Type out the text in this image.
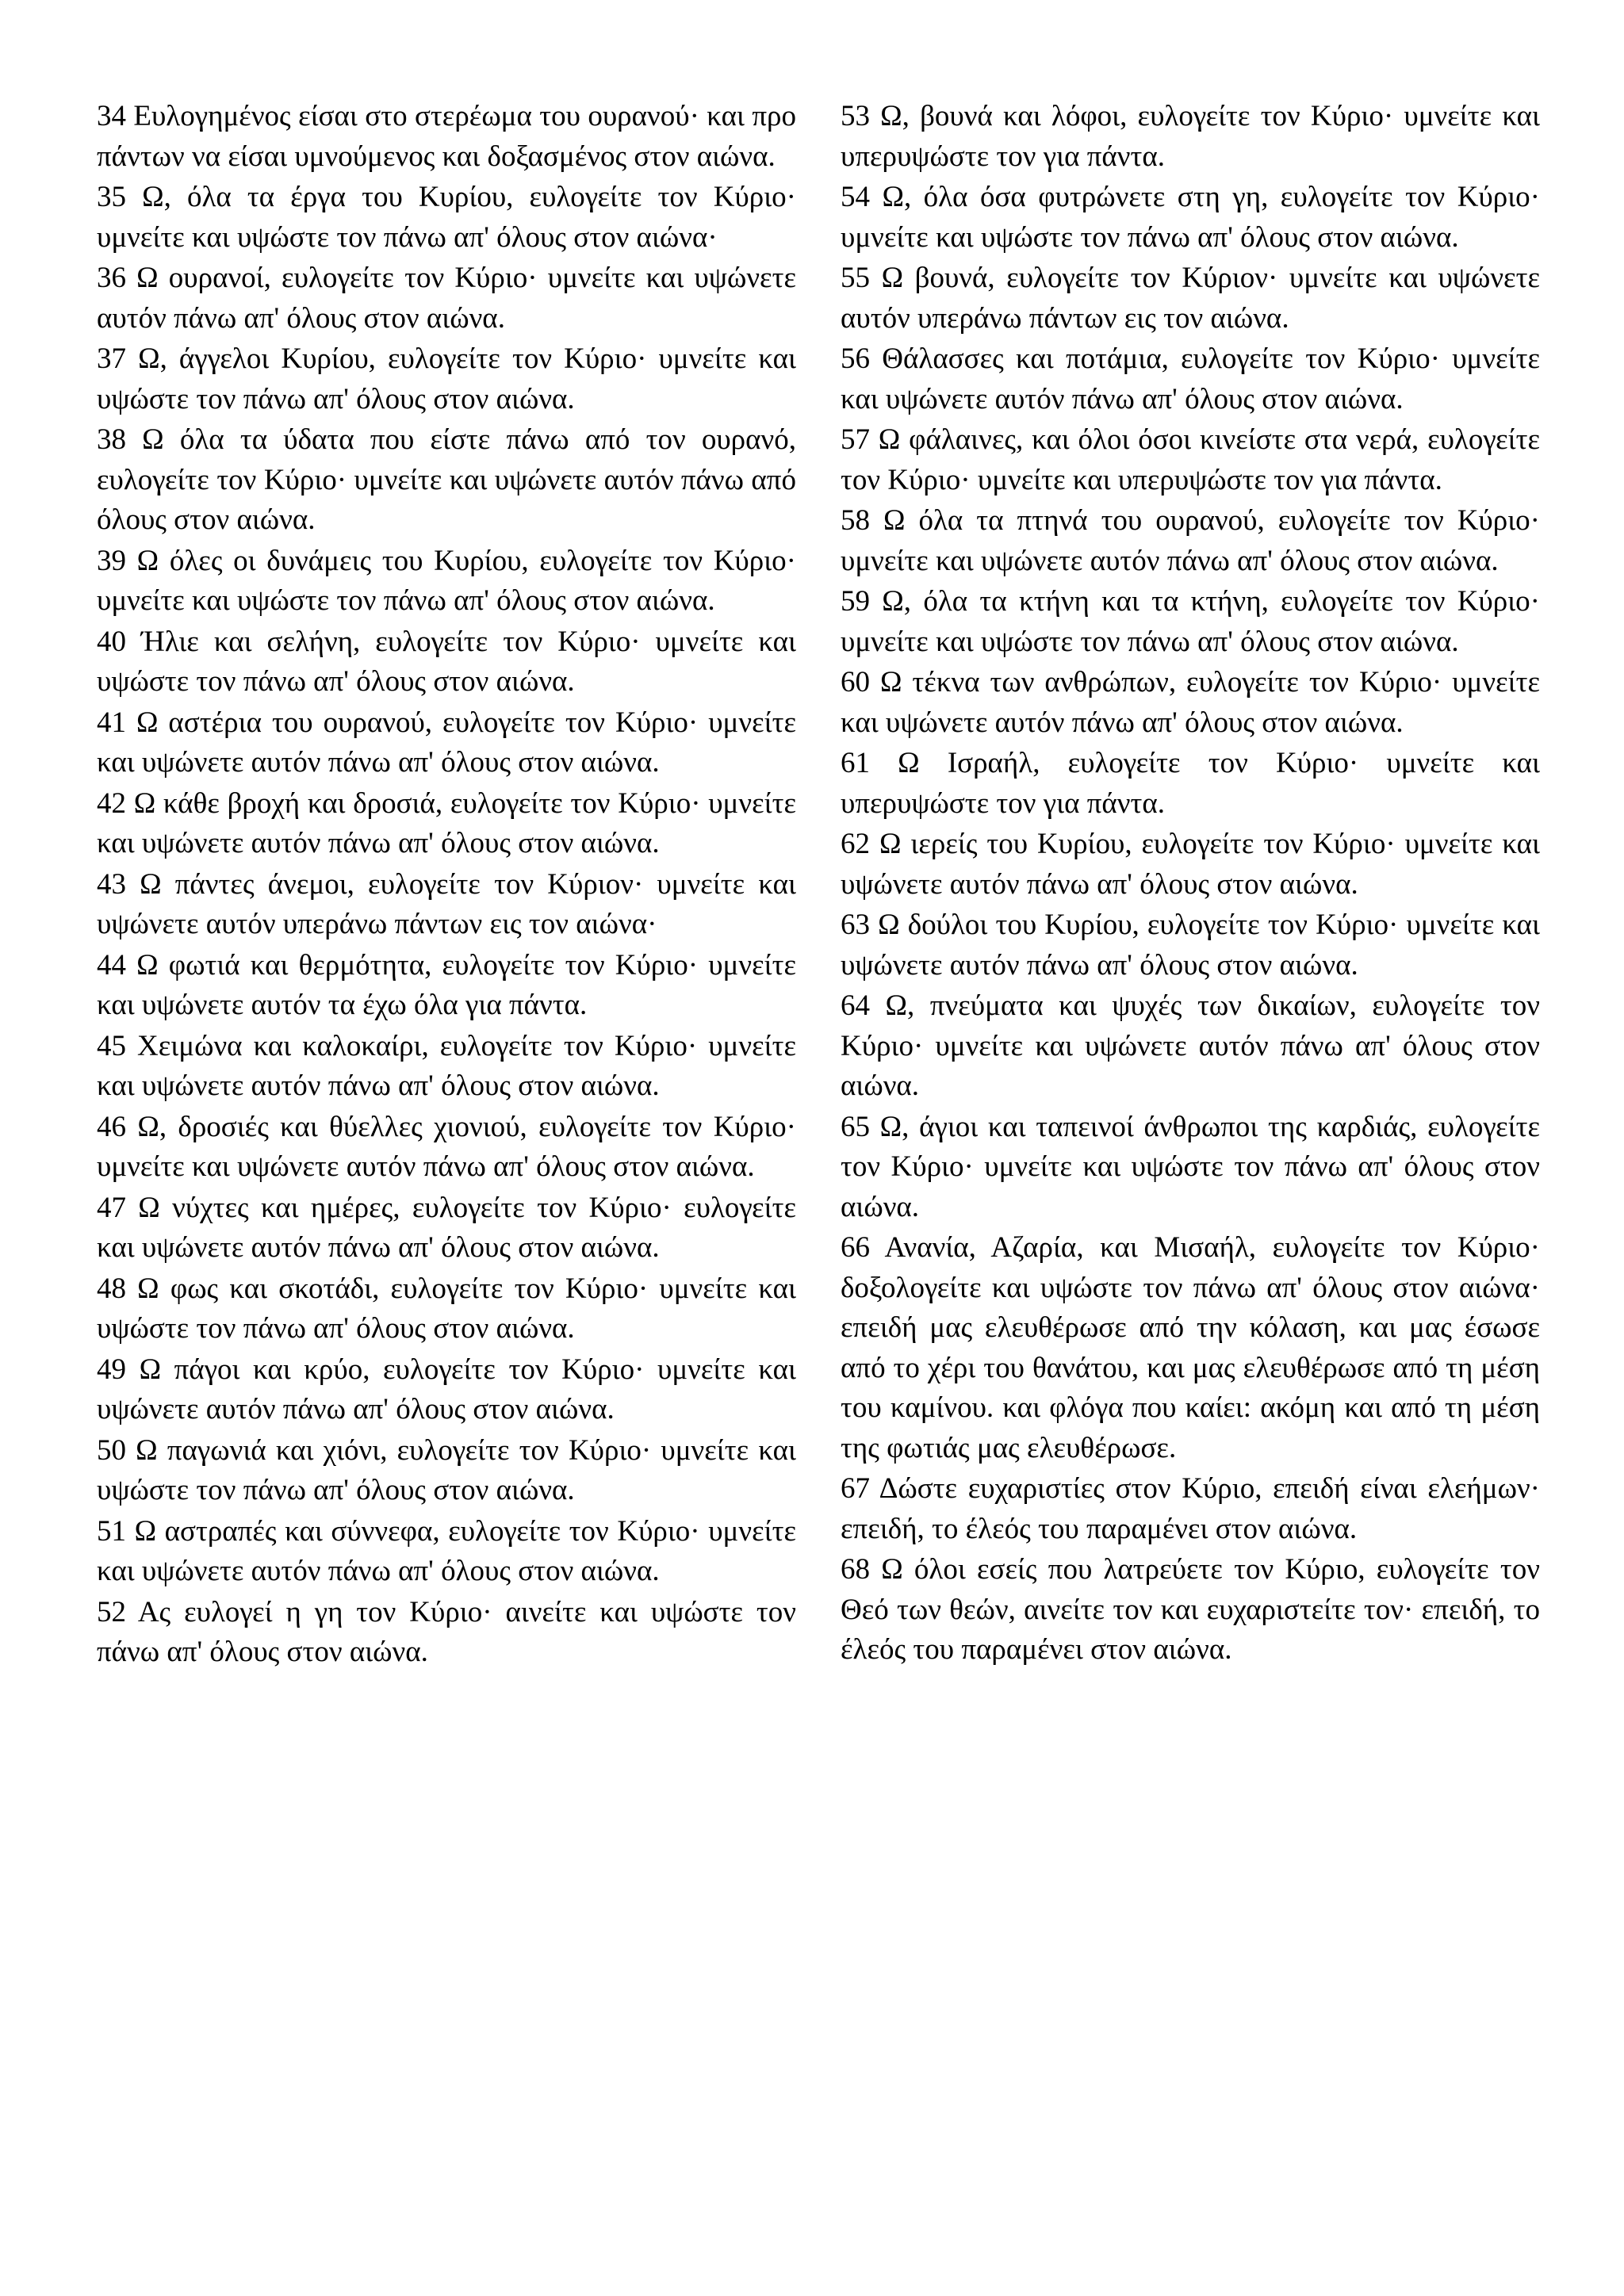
34 Ευλογημένος είσαι στο στερέωμα του ουρανού· και προ πάντων να είσαι υμνούμενος και δοξασμένος στον αιώνα.

35 Ω, όλα τα έργα του Κυρίου, ευλογείτε τον Κύριο· υμνείτε και υψώστε τον πάνω απ' όλους στον αιώνα·

36 Ω ουρανοί, ευλογείτε τον Κύριο· υμνείτε και υψώνετε αυτόν πάνω απ' όλους στον αιώνα.

37 Ω, άγγελοι Κυρίου, ευλογείτε τον Κύριο· υμνείτε και υψώστε τον πάνω απ' όλους στον αιώνα.

38 Ω όλα τα ύδατα που είστε πάνω από τον ουρανό, ευλογείτε τον Κύριο· υμνείτε και υψώνετε αυτόν πάνω από όλους στον αιώνα.

39 Ω όλες οι δυνάμεις του Κυρίου, ευλογείτε τον Κύριο· υμνείτε και υψώστε τον πάνω απ' όλους στον αιώνα.

40 Ήλιε και σελήνη, ευλογείτε τον Κύριο· υμνείτε και υψώστε τον πάνω απ' όλους στον αιώνα.

41 Ω αστέρια του ουρανού, ευλογείτε τον Κύριο· υμνείτε και υψώνετε αυτόν πάνω απ' όλους στον αιώνα.

42 Ω κάθε βροχή και δροσιά, ευλογείτε τον Κύριο· υμνείτε και υψώνετε αυτόν πάνω απ' όλους στον αιώνα.

43 Ω πάντες άνεμοι, ευλογείτε τον Κύριον· υμνείτε και υψώνετε αυτόν υπεράνω πάντων εις τον αιώνα·

44 Ω φωτιά και θερμότητα, ευλογείτε τον Κύριο· υμνείτε και υψώνετε αυτόν τα έχω όλα για πάντα.

45 Χειμώνα και καλοκαίρι, ευλογείτε τον Κύριο· υμνείτε και υψώνετε αυτόν πάνω απ' όλους στον αιώνα.

46 Ω, δροσιές και θύελλες χιονιού, ευλογείτε τον Κύριο· υμνείτε και υψώνετε αυτόν πάνω απ' όλους στον αιώνα.

47 Ω νύχτες και ημέρες, ευλογείτε τον Κύριο· ευλογείτε και υψώνετε αυτόν πάνω απ' όλους στον αιώνα.

48 Ω φως και σκοτάδι, ευλογείτε τον Κύριο· υμνείτε και υψώστε τον πάνω απ' όλους στον αιώνα.

49 Ω πάγοι και κρύο, ευλογείτε τον Κύριο· υμνείτε και υψώνετε αυτόν πάνω απ' όλους στον αιώνα.

50 Ω παγωνιά και χιόνι, ευλογείτε τον Κύριο· υμνείτε και υψώστε τον πάνω απ' όλους στον αιώνα.

51 Ω αστραπές και σύννεφα, ευλογείτε τον Κύριο· υμνείτε και υψώνετε αυτόν πάνω απ' όλους στον αιώνα.

52 Ας ευλογεί η γη τον Κύριο· αινείτε και υψώστε τον πάνω απ' όλους στον αιώνα.

53 Ω, βουνά και λόφοι, ευλογείτε τον Κύριο· υμνείτε και υπερυψώστε τον για πάντα.

54 Ω, όλα όσα φυτρώνετε στη γη, ευλογείτε τον Κύριο· υμνείτε και υψώστε τον πάνω απ' όλους στον αιώνα.

55 Ω βουνά, ευλογείτε τον Κύριον· υμνείτε και υψώνετε αυτόν υπεράνω πάντων εις τον αιώνα.

56 Θάλασσες και ποτάμια, ευλογείτε τον Κύριο· υμνείτε και υψώνετε αυτόν πάνω απ' όλους στον αιώνα.

57 Ω φάλαινες, και όλοι όσοι κινείστε στα νερά, ευλογείτε τον Κύριο· υμνείτε και υπερυψώστε τον για πάντα.

58 Ω όλα τα πτηνά του ουρανού, ευλογείτε τον Κύριο· υμνείτε και υψώνετε αυτόν πάνω απ' όλους στον αιώνα.

59 Ω, όλα τα κτήνη και τα κτήνη, ευλογείτε τον Κύριο· υμνείτε και υψώστε τον πάνω απ' όλους στον αιώνα.

60 Ω τέκνα των ανθρώπων, ευλογείτε τον Κύριο· υμνείτε και υψώνετε αυτόν πάνω απ' όλους στον αιώνα.

61 Ω Ισραήλ, ευλογείτε τον Κύριο· υμνείτε και υπερυψώστε τον για πάντα.

62 Ω ιερείς του Κυρίου, ευλογείτε τον Κύριο· υμνείτε και υψώνετε αυτόν πάνω απ' όλους στον αιώνα.

63 Ω δούλοι του Κυρίου, ευλογείτε τον Κύριο· υμνείτε και υψώνετε αυτόν πάνω απ' όλους στον αιώνα.

64 Ω, πνεύματα και ψυχές των δικαίων, ευλογείτε τον Κύριο· υμνείτε και υψώνετε αυτόν πάνω απ' όλους στον αιώνα.

65 Ω, άγιοι και ταπεινοί άνθρωποι της καρδιάς, ευλογείτε τον Κύριο· υμνείτε και υψώστε τον πάνω απ' όλους στον αιώνα.

66 Ανανία, Αζαρία, και Μισαήλ, ευλογείτε τον Κύριο· δοξολογείτε και υψώστε τον πάνω απ' όλους στον αιώνα· επειδή μας ελευθέρωσε από την κόλαση, και μας έσωσε από το χέρι του θανάτου, και μας ελευθέρωσε από τη μέση του καμίνου. και φλόγα που καίει: ακόμη και από τη μέση της φωτιάς μας ελευθέρωσε.

67 Δώστε ευχαριστίες στον Κύριο, επειδή είναι ελεήμων· επειδή, το έλεός του παραμένει στον αιώνα.

68 Ω όλοι εσείς που λατρεύετε τον Κύριο, ευλογείτε τον Θεό των θεών, αινείτε τον και ευχαριστείτε τον· επειδή, το έλεός του παραμένει στον αιώνα.
